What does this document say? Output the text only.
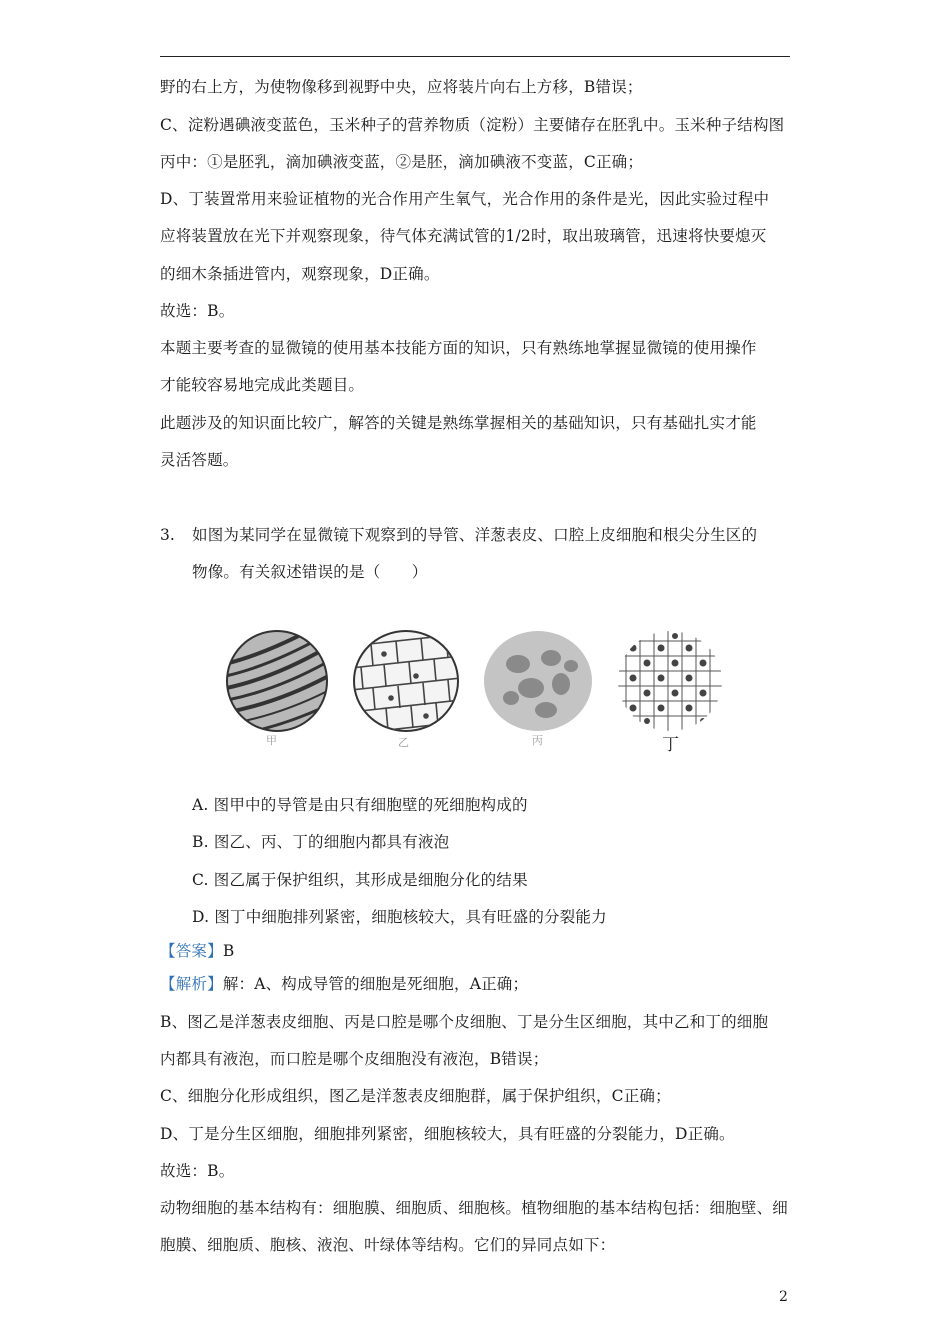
野的右上方，为使物像移到视野中央，应将装片向右上方移，B错误；
C、淀粉遇碘液变蓝色，玉米种子的营养物质（淀粉）主要储存在胚乳中。玉米种子结构图
丙中：①是胚乳，滴加碘液变蓝，②是胚，滴加碘液不变蓝，C正确；
D、丁装置常用来验证植物的光合作用产生氧气，光合作用的条件是光，因此实验过程中
应将装置放在光下并观察现象，待气体充满试管的1/2时，取出玻璃管，迅速将快要熄灭
的细木条插进管内，观察现象，D正确。
故选：B。
本题主要考查的显微镜的使用基本技能方面的知识，只有熟练地掌握显微镜的使用操作
才能较容易地完成此类题目。
此题涉及的知识面比较广，解答的关键是熟练掌握相关的基础知识，只有基础扎实才能
灵活答题。
3. 如图为某同学在显微镜下观察到的导管、洋葱表皮、口腔上皮细胞和根尖分生区的
物像。有关叙述错误的是（　　）
甲	乙	丙	丁
A. 图甲中的导管是由只有细胞壁的死细胞构成的
B. 图乙、丙、丁的细胞内都具有液泡
C. 图乙属于保护组织，其形成是细胞分化的结果
D. 图丁中细胞排列紧密，细胞核较大，具有旺盛的分裂能力
【答案】B
【解析】解：A、构成导管的细胞是死细胞，A正确；
B、图乙是洋葱表皮细胞、丙是口腔是哪个皮细胞、丁是分生区细胞，其中乙和丁的细胞
内都具有液泡，而口腔是哪个皮细胞没有液泡，B错误；
C、细胞分化形成组织，图乙是洋葱表皮细胞群，属于保护组织，C正确；
D、丁是分生区细胞，细胞排列紧密，细胞核较大，具有旺盛的分裂能力，D正确。
故选：B。
动物细胞的基本结构有：细胞膜、细胞质、细胞核。植物细胞的基本结构包括：细胞壁、细
胞膜、细胞质、胞核、液泡、叶绿体等结构。它们的异同点如下：
2
